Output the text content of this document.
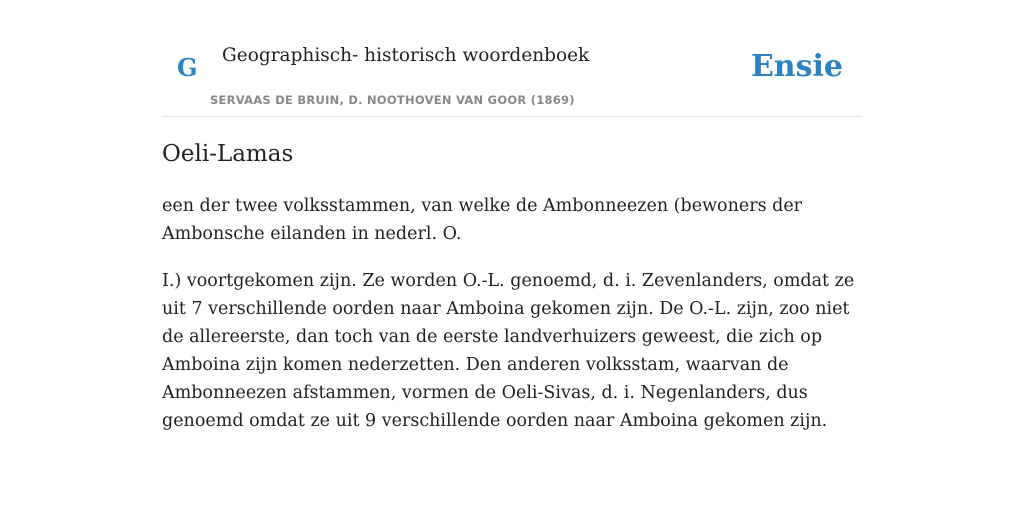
G Geographisch- historisch woordenboek
SERVAAS DE BRUIN, D. NOOTHOVEN VAN GOOR (1869)
Ensie
Oeli-Lamas

een der twee volksstammen, van welke de Ambonneezen (bewoners der Ambonsche eilanden in nederl. O.

I.) voortgekomen zijn. Ze worden O.-L. genoemd, d. i. Zevenlanders, omdat ze uit 7 verschillende oorden naar Amboina gekomen zijn. De O.-L. zijn, zoo niet de allereerste, dan toch van de eerste landverhuizers geweest, die zich op Amboina zijn komen nederzetten. Den anderen volksstam, waarvan de Ambonneezen afstammen, vormen de Oeli-Sivas, d. i. Negenlanders, dus genoemd omdat ze uit 9 verschillende oorden naar Amboina gekomen zijn.
